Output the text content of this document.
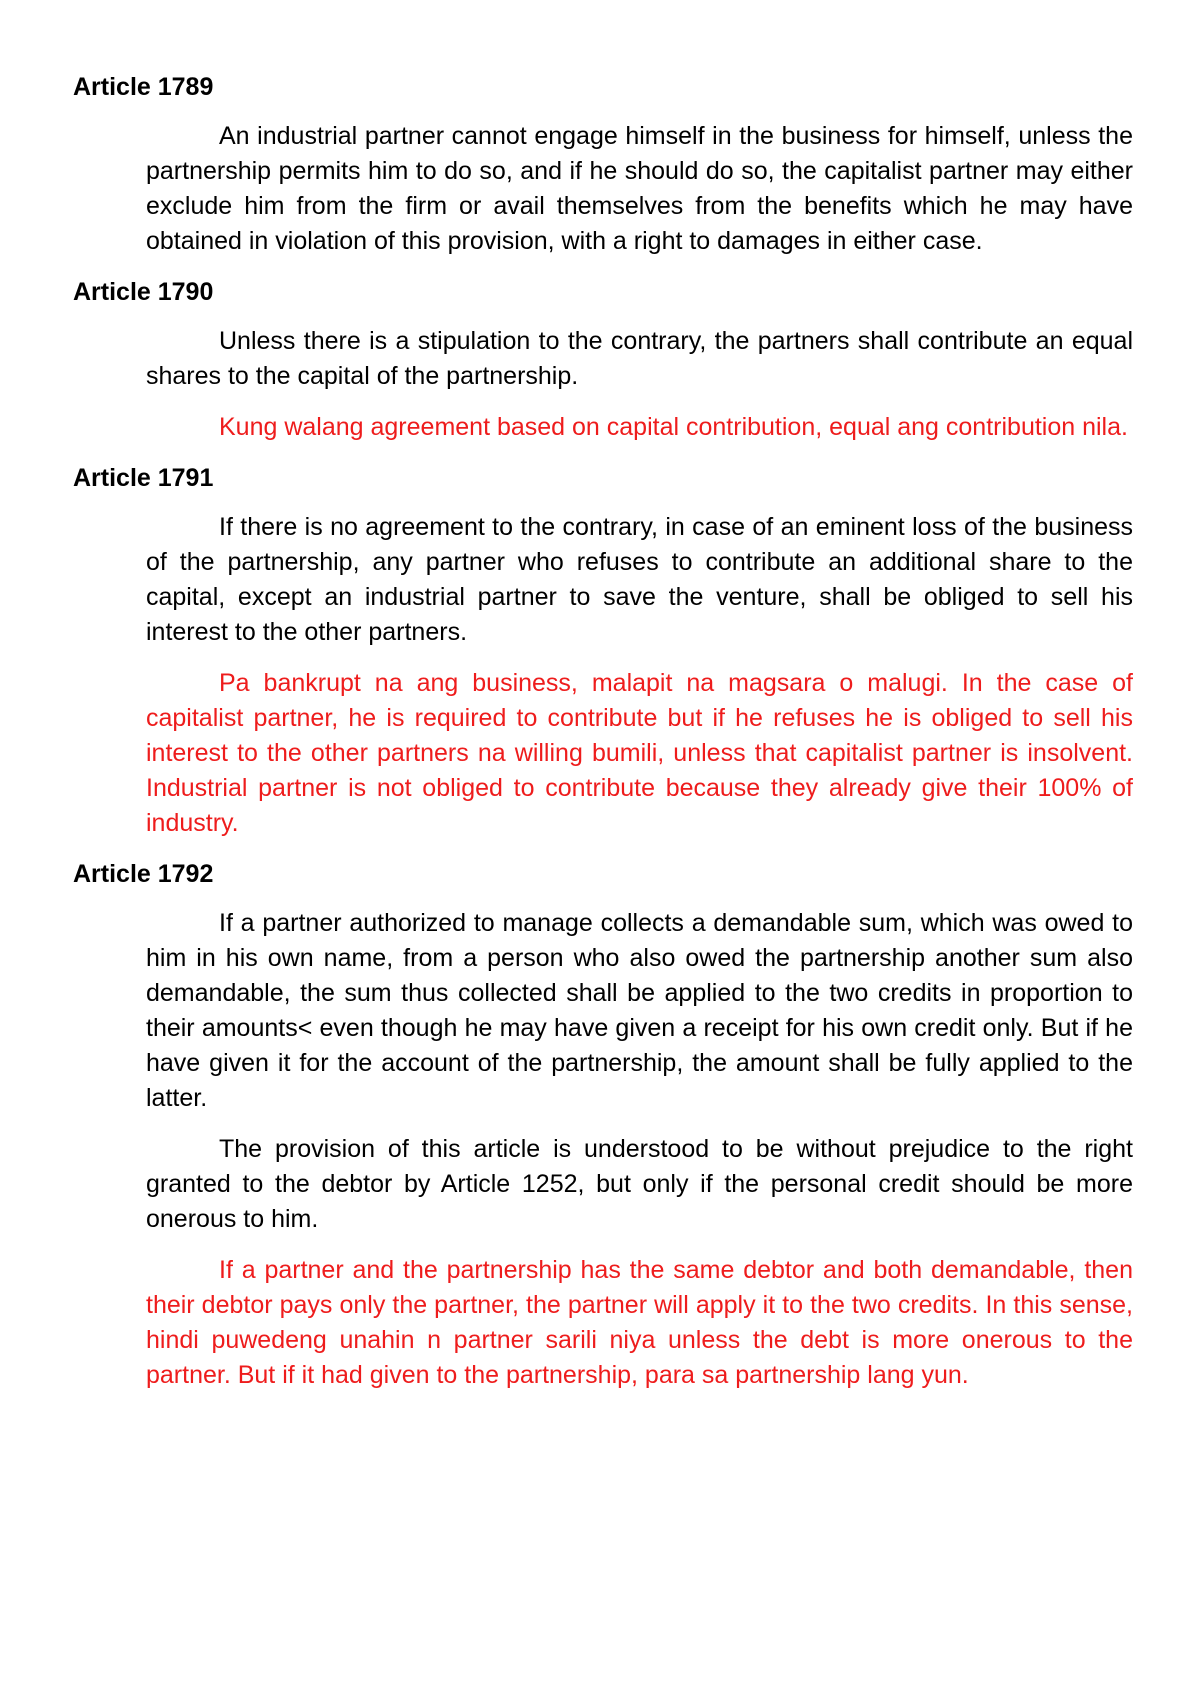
Article 1789

An industrial partner cannot engage himself in the business for himself, unless the partnership permits him to do so, and if he should do so, the capitalist partner may either exclude him from the firm or avail themselves from the benefits which he may have obtained in violation of this provision, with a right to damages in either case.

Article 1790

Unless there is a stipulation to the contrary, the partners shall contribute an equal shares to the capital of the partnership.

Kung walang agreement based on capital contribution, equal ang contribution nila.

Article 1791

If there is no agreement to the contrary, in case of an eminent loss of the business of the partnership, any partner who refuses to contribute an additional share to the capital, except an industrial partner to save the venture, shall be obliged to sell his interest to the other partners.

Pa bankrupt na ang business, malapit na magsara o malugi. In the case of capitalist partner, he is required to contribute but if he refuses he is obliged to sell his interest to the other partners na willing bumili, unless that capitalist partner is insolvent. Industrial partner is not obliged to contribute because they already give their 100% of industry.

Article 1792

If a partner authorized to manage collects a demandable sum, which was owed to him in his own name, from a person who also owed the partnership another sum also demandable, the sum thus collected shall be applied to the two credits in proportion to their amounts< even though he may have given a receipt for his own credit only. But if he have given it for the account of the partnership, the amount shall be fully applied to the latter.

The provision of this article is understood to be without prejudice to the right granted to the debtor by Article 1252, but only if the personal credit should be more onerous to him.

If a partner and the partnership has the same debtor and both demandable, then their debtor pays only the partner, the partner will apply it to the two credits. In this sense, hindi puwedeng unahin n partner sarili niya unless the debt is more onerous to the partner. But if it had given to the partnership, para sa partnership lang yun.
